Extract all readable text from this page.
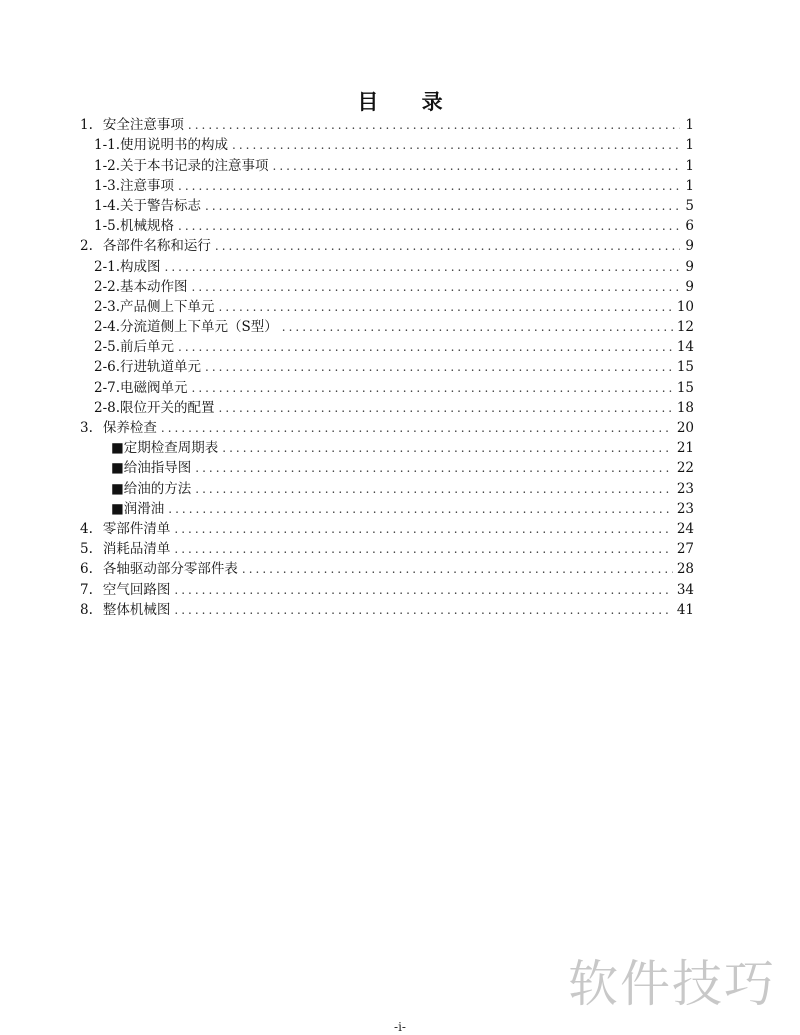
目 录
1. 安全注意事项 .....	1
1-1. 使用说明书的构成 .....	1
1-2. 关于本书记录的注意事项 .....	1
1-3. 注意事项 .....	1
1-4. 关于警告标志 .....	5
1-5. 机械规格 .....	6
2. 各部件名称和运行 .....	9
2-1. 构成图 .....	9
2-2. 基本动作图 .....	9
2-3. 产品侧上下单元 .....	10
2-4. 分流道侧上下单元（S型） .....	12
2-5. 前后单元 .....	14
2-6. 行进轨道单元 .....	15
2-7. 电磁阀单元 .....	15
2-8. 限位开关的配置 .....	18
3. 保养检查 .....	20
■ 定期检查周期表 .....	21
■ 给油指导图 .....	22
■ 给油的方法 .....	23
■ 润滑油 .....	23
4. 零部件清单 .....	24
5. 消耗品清单 .....	27
6. 各轴驱动部分零部件表 .....	28
7. 空气回路图 .....	34
8. 整体机械图 .....	41
软件技巧
-i-
